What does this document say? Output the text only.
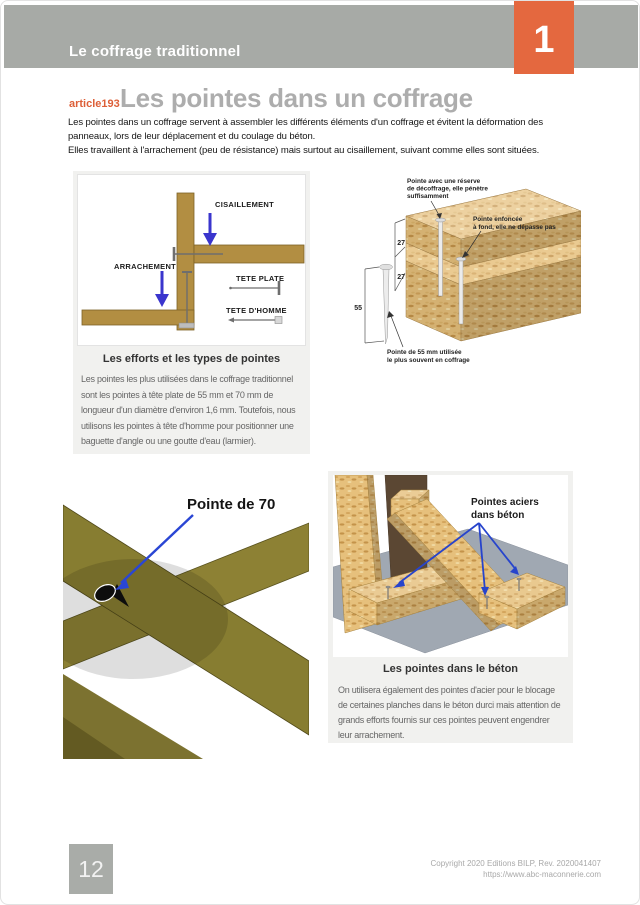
Le coffrage traditionnel	1
article193 Les pointes dans un coffrage
Les pointes dans un coffrage servent à assembler les différents éléments d'un coffrage et évitent la déformation des
panneaux, lors de leur déplacement et du coulage du béton.
Elles travaillent à l'arrachement (peu de résistance) mais surtout au cisaillement, suivant comme elles sont situées.
CISAILLEMENT
ARRACHEMENT
TETE PLATE
TETE D'HOMME
Les efforts et les types de pointes
Les pointes les plus utilisées dans le coffrage traditionnel
sont les pointes à tête plate de 55 mm et 70 mm de
longueur d'un diamètre d'environ 1,6 mm. Toutefois, nous
utilisons les pointes à tête d'homme pour positionner une
baguette d'angle ou une goutte d'eau (larmier).
27
27
55
Pointe avec une réserve
de décoffrage, elle pénètre
suffisamment
Pointe enfoncée
à fond, elle ne dépasse pas
Pointe de 55 mm utilisée
le plus souvent en coffrage
Pointe de 70	Pointes aciers
dans béton
Les pointes dans le béton
On utilisera également des pointes d'acier pour le blocage
de certaines planches dans le béton durci mais attention de
grands efforts fournis sur ces pointes peuvent engendrer
leur arrachement.
12	Copyright 2020 Editions BILP, Rev. 2020041407
https://www.abc-maconnerie.com
